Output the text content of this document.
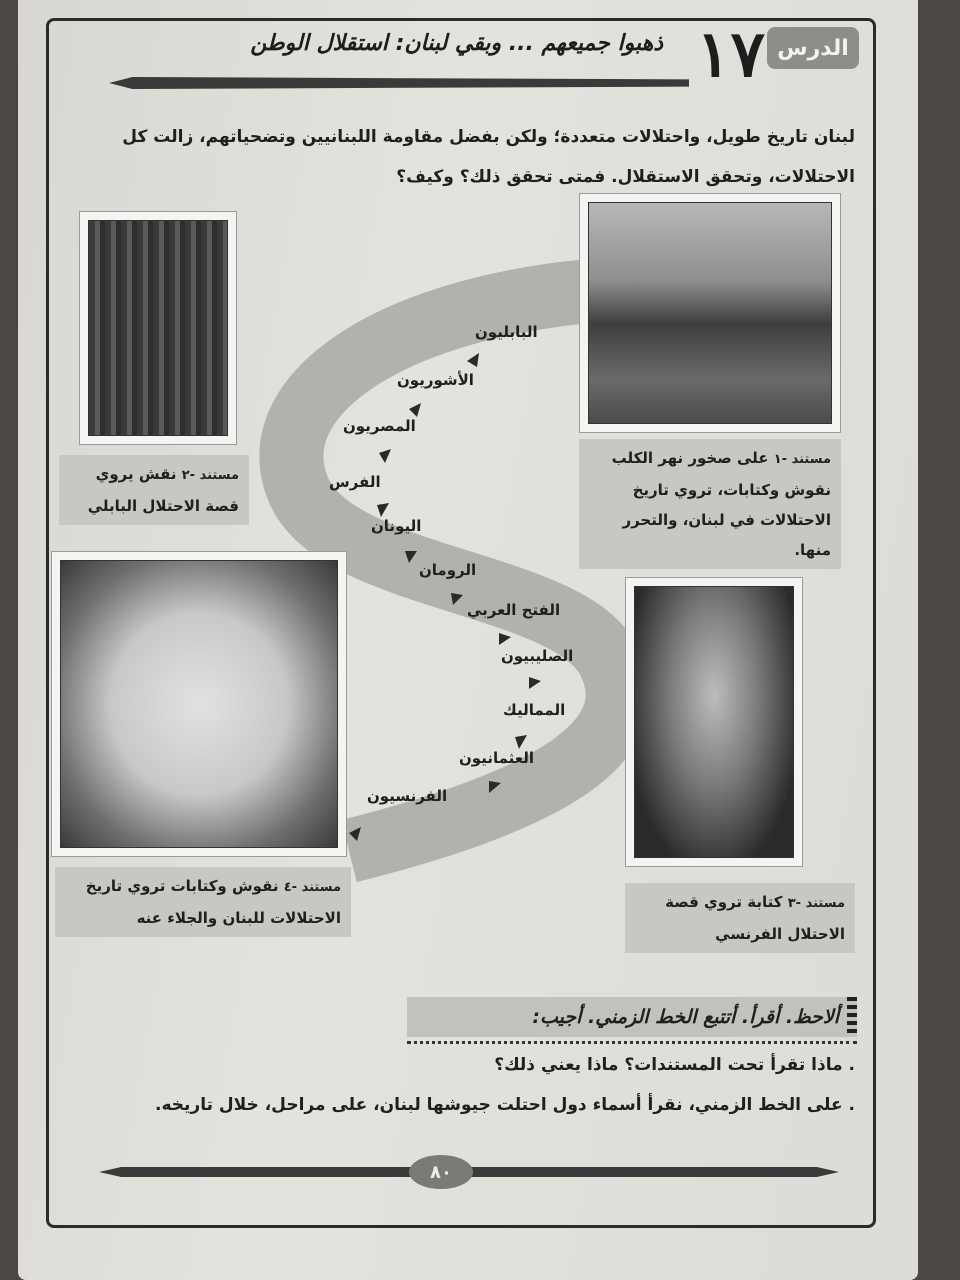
الدرس
١٧
ذهبوا جميعهم ... وبقي لبنان: استقلال الوطن
لبنان تاريخ طويل، واحتلالات متعددة؛ ولكن بفضل مقاومة اللبنانيين وتضحياتهم، زالت كل الاحتلالات، وتحقق الاستقلال. فمتى تحقق ذلك؟ وكيف؟
البابليون
الأشوريون
المصريون
الفرس
اليونان
الرومان
الفتح العربي
الصليبيون
المماليك
العثمانيون
الفرنسيون
مستند -١ على صخور نهر الكلب نقوش وكتابات، تروي تاريخ الاحتلالات في لبنان، والتحرر منها.
مستند -٢ نقش يروي قصة الاحتلال البابلي
مستند -٣ كتابة تروي قصة الاحتلال الفرنسي
مستند -٤ نقوش وكتابات تروي تاريخ الاحتلالات للبنان والجلاء عنه
ألاحظ. أقرأ. أتتبع الخط الزمني. أجيب:
. ماذا تقرأ تحت المستندات؟ ماذا يعني ذلك؟
. على الخط الزمني، نقرأ أسماء دول احتلت جيوشها لبنان، على مراحل، خلال تاريخه.
٨٠
